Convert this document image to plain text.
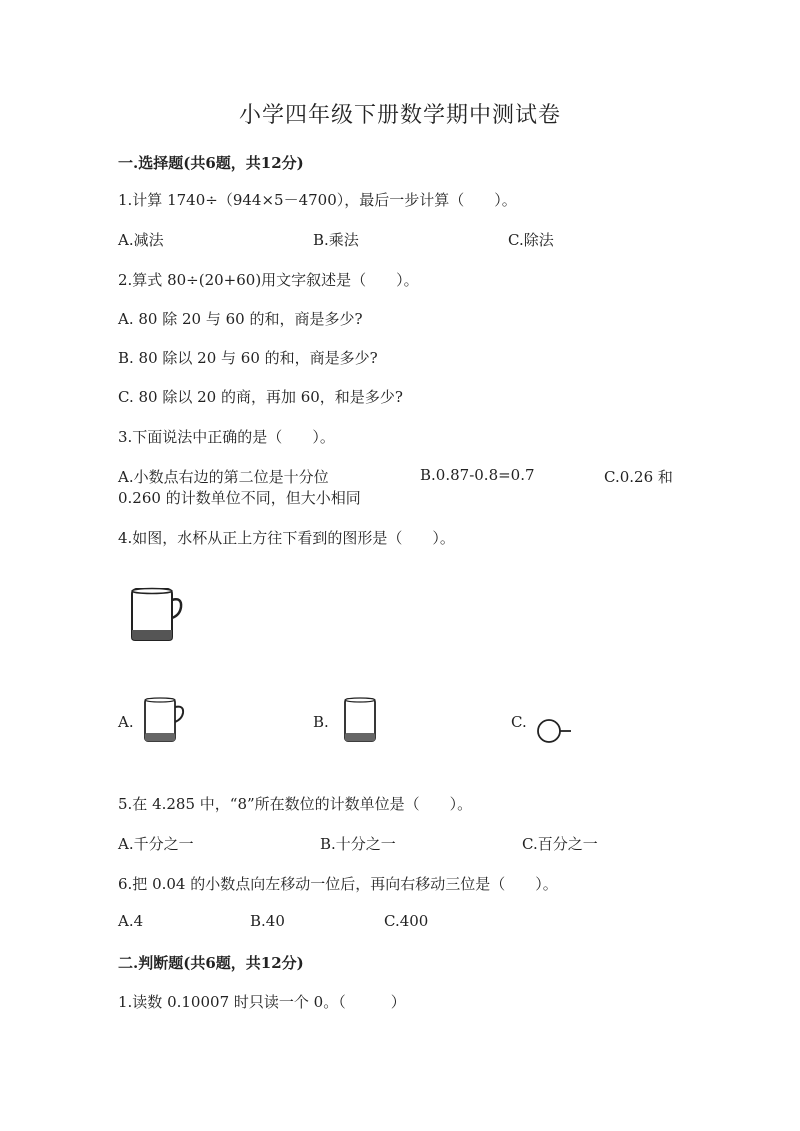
小学四年级下册数学期中测试卷
一.选择题(共6题，共12分)
1.计算 1740÷（944×5－4700），最后一步计算（　　）。
A.减法	B.乘法	C.除法
2.算式 80÷(20+60)用文字叙述是（　　）。
A. 80 除 20 与 60 的和，商是多少?
B. 80 除以 20 与 60 的和，商是多少?
C. 80 除以 20 的商，再加 60，和是多少?
3.下面说法中正确的是（　　）。
A.小数点右边的第二位是十分位	B.0.87-0.8=0.7	C.0.26 和
0.260 的计数单位不同，但大小相同
4.如图，水杯从正上方往下看到的图形是（　　）。
A.	B.	C.
5.在 4.285 中，“8”所在数位的计数单位是（　　）。
A.千分之一	B.十分之一	C.百分之一
6.把 0.04 的小数点向左移动一位后，再向右移动三位是（　　）。
A.4	B.40	C.400
二.判断题(共6题，共12分)
1.读数 0.10007 时只读一个 0。（　　　）
